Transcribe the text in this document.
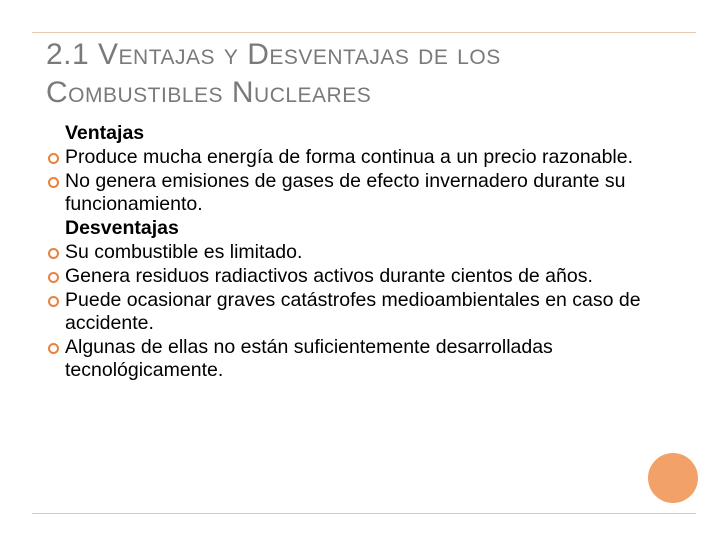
2.1 Ventajas y Desventajas de los
Combustibles Nucleares
Ventajas
Produce mucha energía de forma continua a un precio razonable.
No genera emisiones de gases de efecto invernadero durante su funcionamiento.
Desventajas
Su combustible es limitado.
Genera residuos radiactivos activos durante cientos de años.
Puede ocasionar graves catástrofes medioambientales en caso de accidente.
Algunas de ellas no están suficientemente desarrolladas tecnológicamente.
